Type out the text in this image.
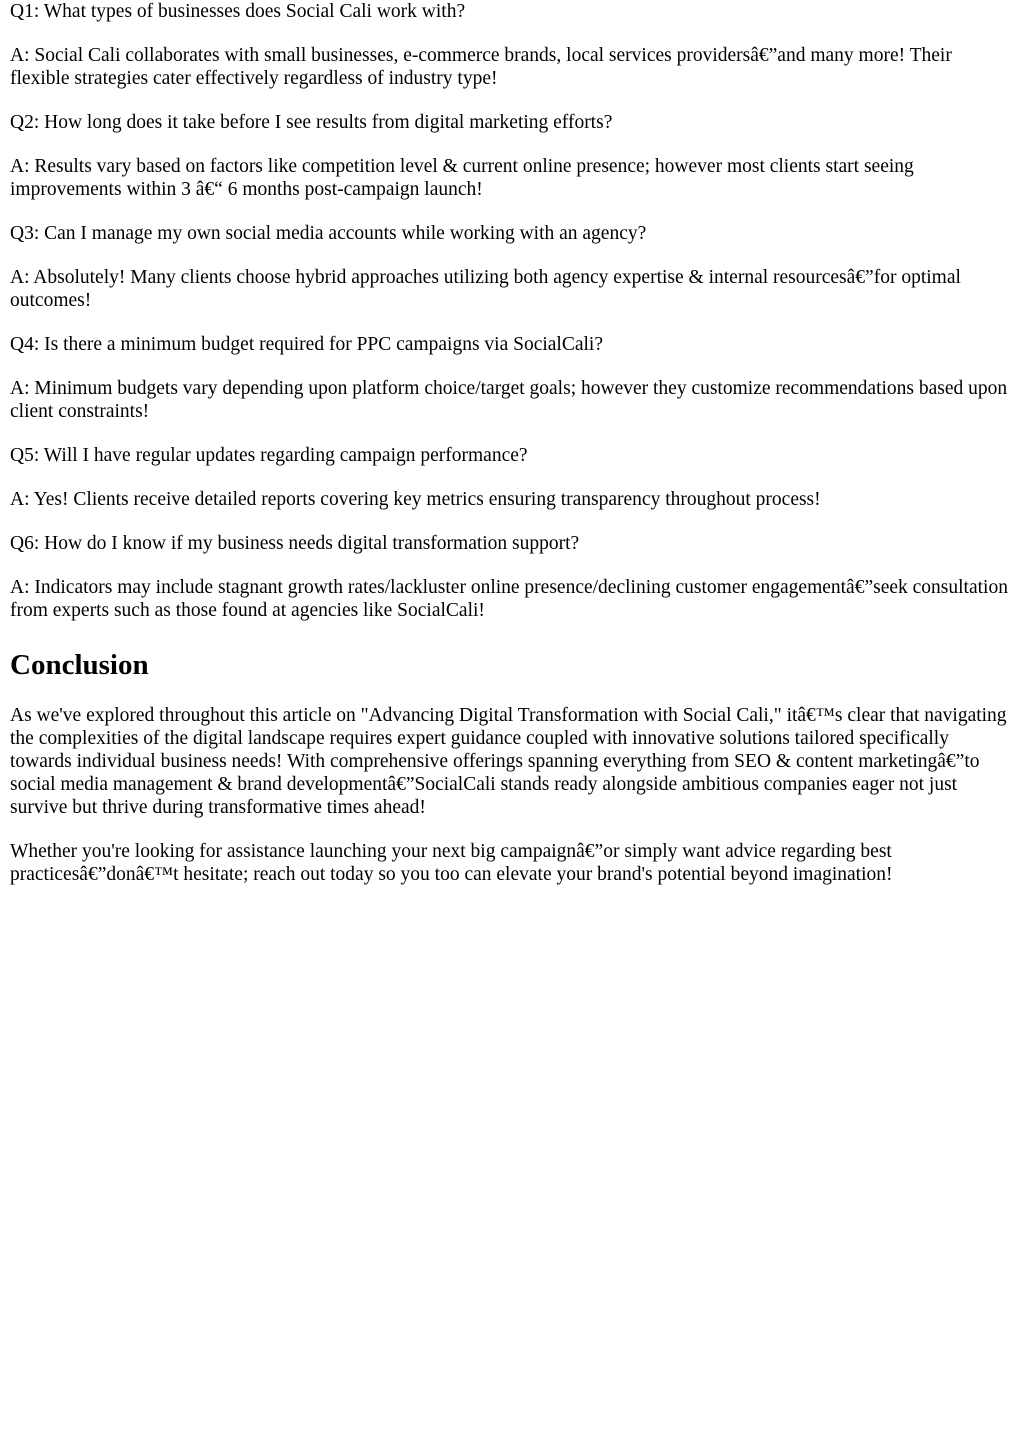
Q1: What types of businesses does Social Cali work with?

A: Social Cali collaborates with small businesses, e-commerce brands, local services providersâ€”and many more! Their flexible strategies cater effectively regardless of industry type!

Q2: How long does it take before I see results from digital marketing efforts?

A: Results vary based on factors like competition level & current online presence; however most clients start seeing improvements within 3 â€“ 6 months post-campaign launch!

Q3: Can I manage my own social media accounts while working with an agency?

A: Absolutely! Many clients choose hybrid approaches utilizing both agency expertise & internal resourcesâ€”for optimal outcomes!

Q4: Is there a minimum budget required for PPC campaigns via SocialCali?

A: Minimum budgets vary depending upon platform choice/target goals; however they customize recommendations based upon client constraints!

Q5: Will I have regular updates regarding campaign performance?

A: Yes! Clients receive detailed reports covering key metrics ensuring transparency throughout process!

Q6: How do I know if my business needs digital transformation support?

A: Indicators may include stagnant growth rates/lackluster online presence/declining customer engagementâ€”seek consultation from experts such as those found at agencies like SocialCali!

Conclusion

As we've explored throughout this article on "Advancing Digital Transformation with Social Cali," itâ€™s clear that navigating the complexities of the digital landscape requires expert guidance coupled with innovative solutions tailored specifically towards individual business needs! With comprehensive offerings spanning everything from SEO & content marketingâ€”to social media management & brand developmentâ€”SocialCali stands ready alongside ambitious companies eager not just survive but thrive during transformative times ahead!

Whether you're looking for assistance launching your next big campaignâ€”or simply want advice regarding best practicesâ€”donâ€™t hesitate; reach out today so you too can elevate your brand's potential beyond imagination!
